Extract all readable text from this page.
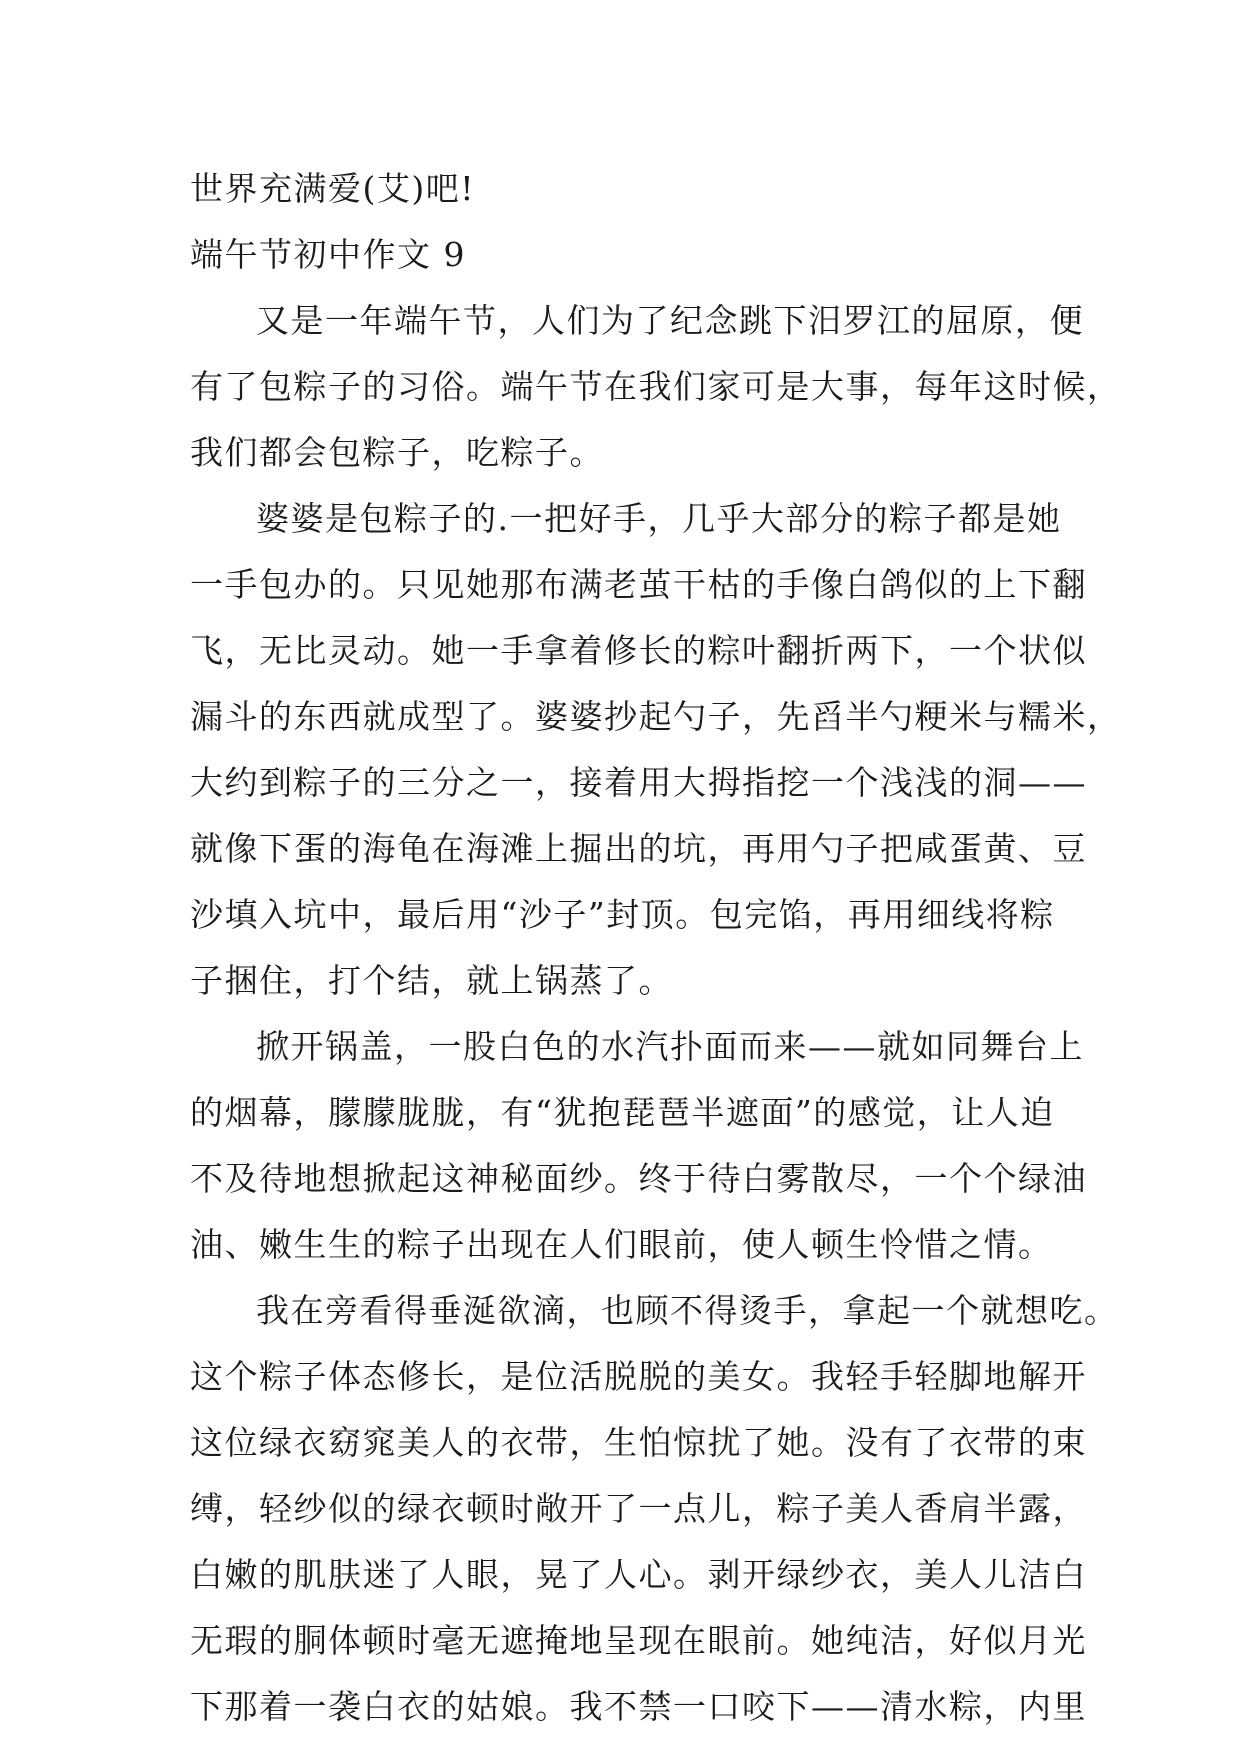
世界充满爱(艾)吧!
端午节初中作文 9
又是一年端午节，人们为了纪念跳下汨罗江的屈原，便
有了包粽子的习俗。端午节在我们家可是大事，每年这时候，
我们都会包粽子，吃粽子。
婆婆是包粽子的.一把好手，几乎大部分的粽子都是她
一手包办的。只见她那布满老茧干枯的手像白鸽似的上下翻
飞，无比灵动。她一手拿着修长的粽叶翻折两下，一个状似
漏斗的东西就成型了。婆婆抄起勺子，先舀半勺粳米与糯米，
大约到粽子的三分之一，接着用大拇指挖一个浅浅的洞——
就像下蛋的海龟在海滩上掘出的坑，再用勺子把咸蛋黄、豆
沙填入坑中，最后用“沙子”封顶。包完馅，再用细线将粽
子捆住，打个结，就上锅蒸了。
掀开锅盖，一股白色的水汽扑面而来——就如同舞台上
的烟幕，朦朦胧胧，有“犹抱琵琶半遮面”的感觉，让人迫
不及待地想掀起这神秘面纱。终于待白雾散尽，一个个绿油
油、嫩生生的粽子出现在人们眼前，使人顿生怜惜之情。
我在旁看得垂涎欲滴，也顾不得烫手，拿起一个就想吃。
这个粽子体态修长，是位活脱脱的美女。我轻手轻脚地解开
这位绿衣窈窕美人的衣带，生怕惊扰了她。没有了衣带的束
缚，轻纱似的绿衣顿时敞开了一点儿，粽子美人香肩半露，
白嫩的肌肤迷了人眼，晃了人心。剥开绿纱衣，美人儿洁白
无瑕的胴体顿时毫无遮掩地呈现在眼前。她纯洁，好似月光
下那着一袭白衣的姑娘。我不禁一口咬下——清水粽，内里
